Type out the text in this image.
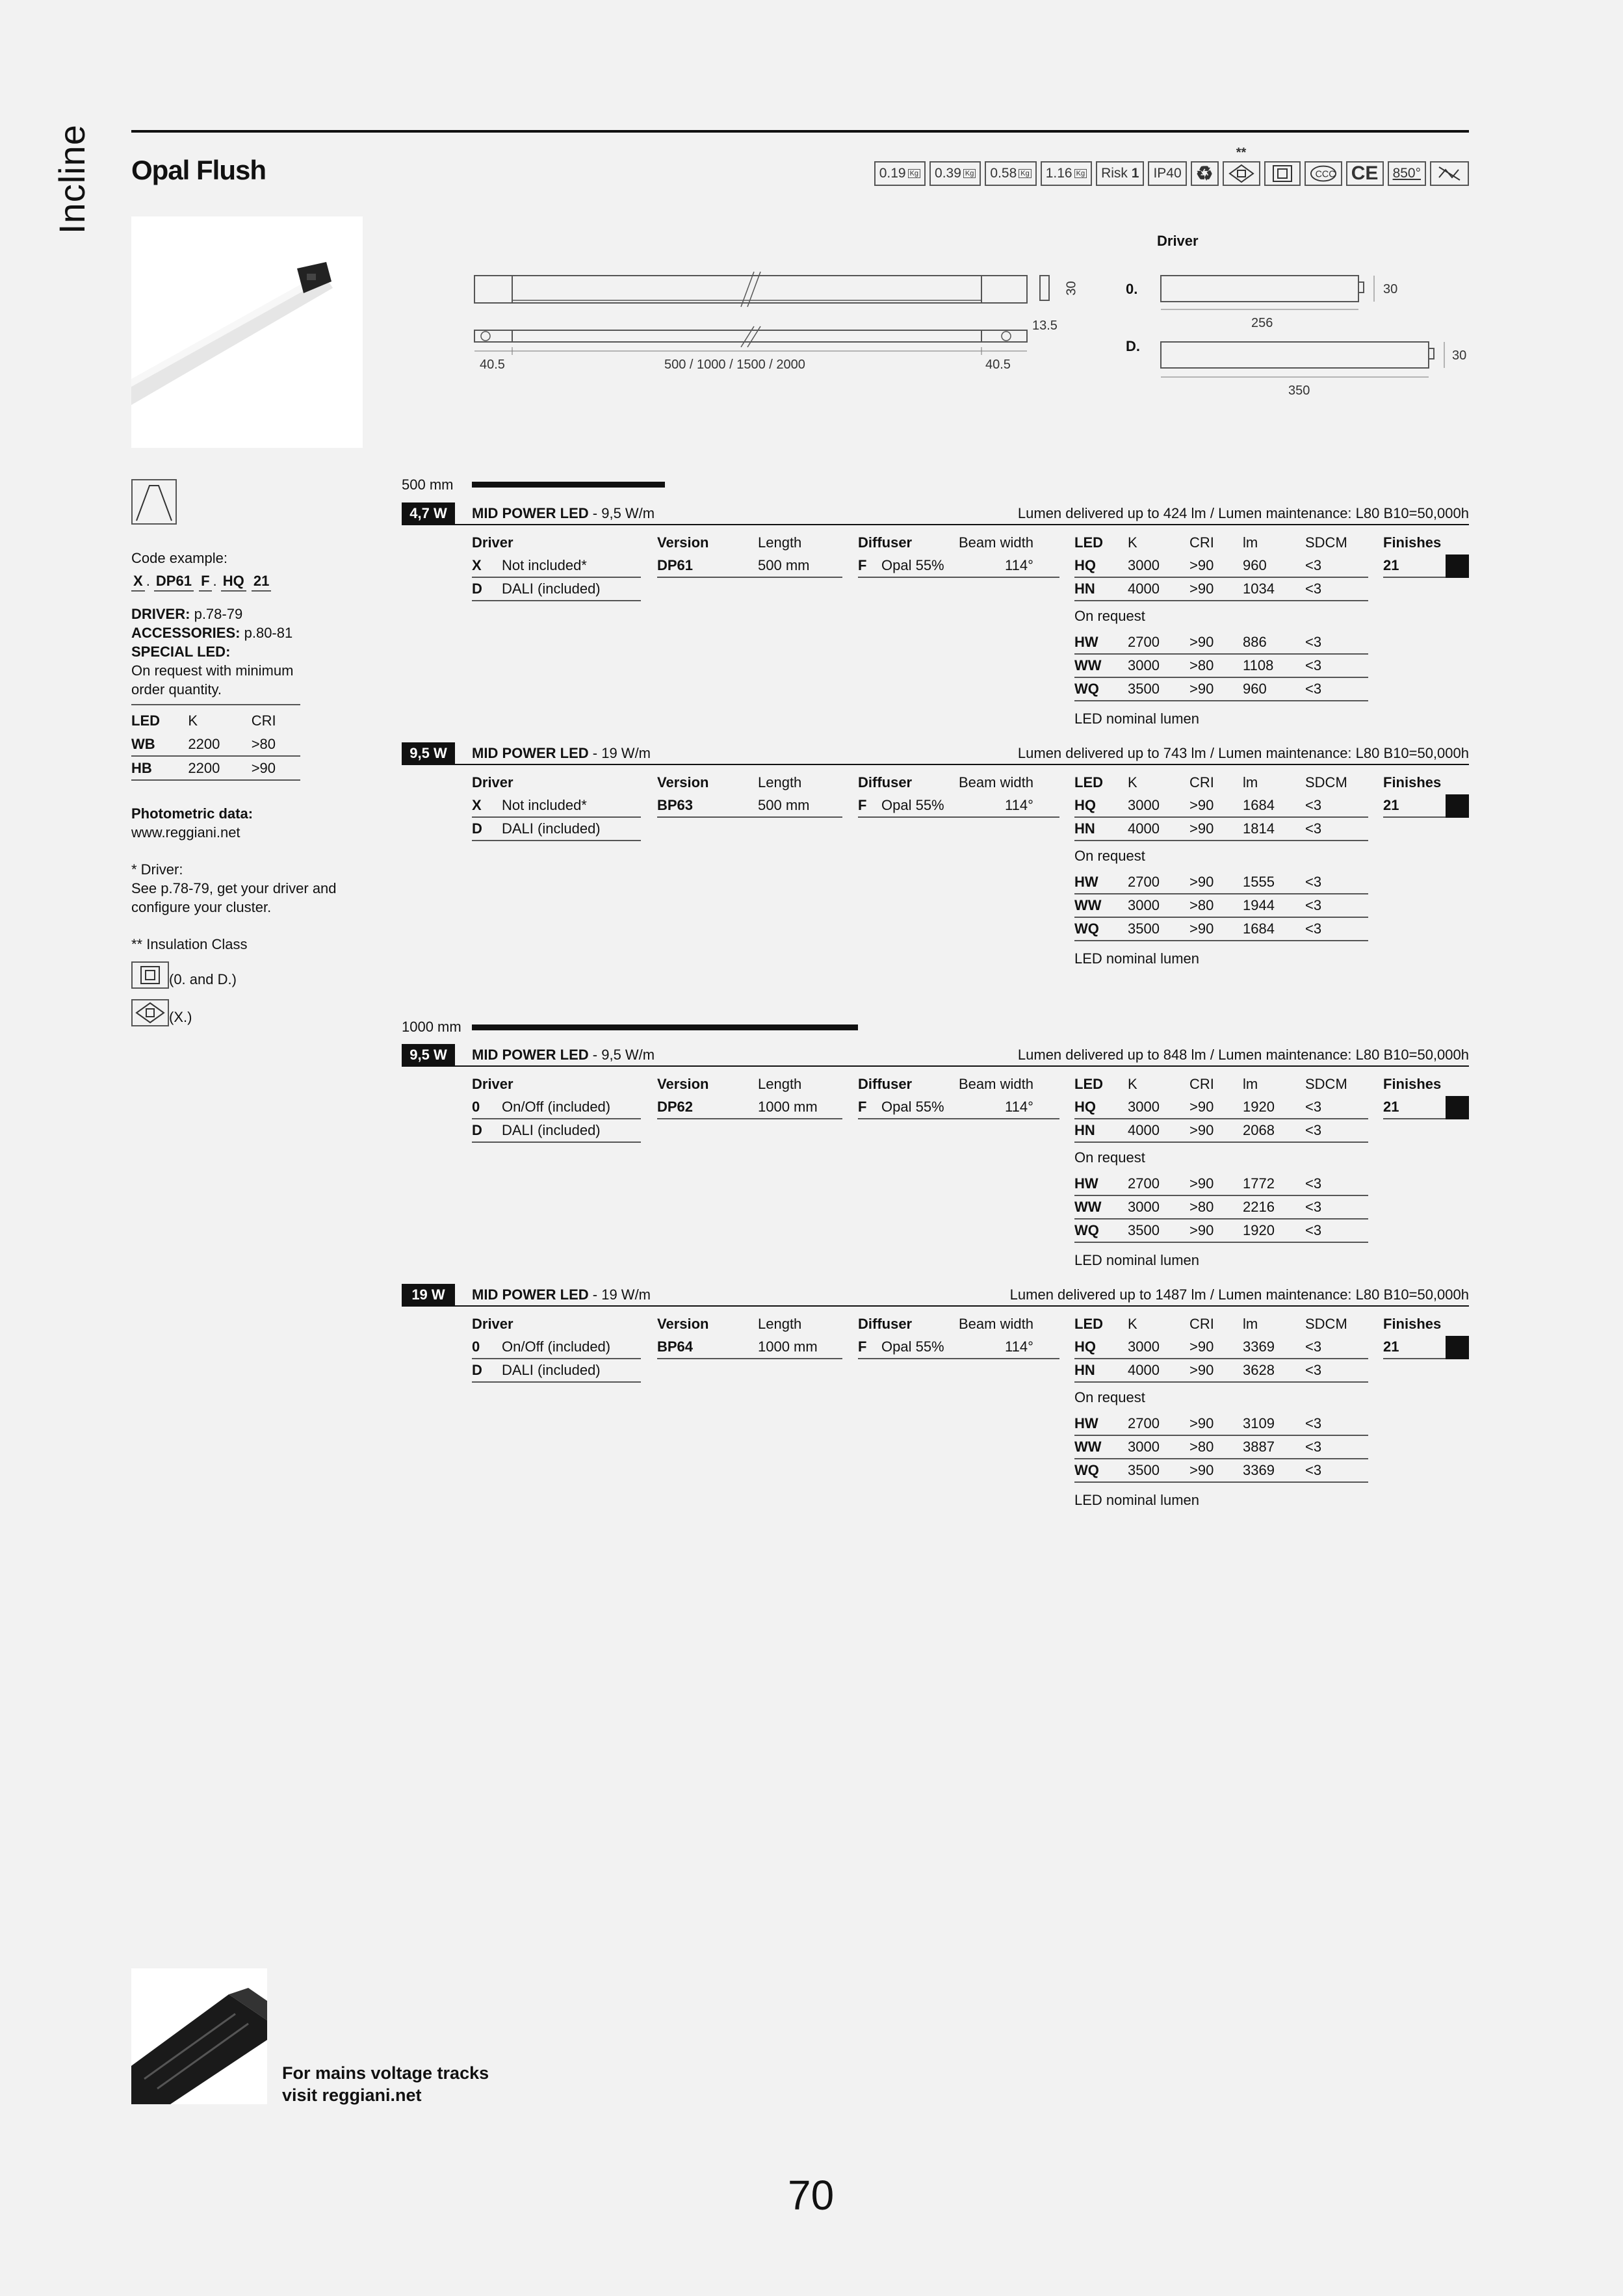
Incline Opal Flush	0.19 Kg 0.39 Kg 0.58 Kg 1.16 Kg Risk
1	IP40 ♻
**
CCC CE	850°
30
13.5
40.5	500 / 1000 / 1500 / 2000	40.5
Driver
0.	30
256
D.
30
350
Code example:
X . DP61 F . HQ 21
DRIVER: p.78-79
ACCESSORIES: p.80-81
SPECIAL LED:
On request with minimum order quantity.
LED	K	CRI
WB	2200	>80
HB	2200	>90
Photometric data:
www.reggiani.net
* Driver:
See p.78-79, get your driver and configure your cluster.
** Insulation Class
(0. and D.)
(X.)
500 mm
1000 mm
4,7 W	MID POWER LED - 9,5 W/m	Lumen delivered up to 424 lm / Lumen maintenance: L80 B10=50,000h
Driver
X	Not included*
D	DALI (included)
Version	Length
DP61	500 mm
Diffuser	Beam width
F	Opal 55%	114°
LED	K	CRI	lm	SDCM
HQ	3000	>90	960	<3
HN	4000	>90	1034	<3
On request
HW	2700	>90	886	<3
WW	3000	>80	1108	<3
WQ	3500	>90	960	<3
LED nominal lumen
Finishes
21
9,5 W	MID POWER LED - 19 W/m	Lumen delivered up to 743 lm / Lumen maintenance: L80 B10=50,000h
Driver
X	Not included*
D	DALI (included)
Version	Length
BP63	500 mm
Diffuser	Beam width
F	Opal 55%	114°
LED	K	CRI	lm	SDCM
HQ	3000	>90	1684	<3
HN	4000	>90	1814	<3
On request
HW	2700	>90	1555	<3
WW	3000	>80	1944	<3
WQ	3500	>90	1684	<3
LED nominal lumen
Finishes
21
9,5 W	MID POWER LED - 9,5 W/m	Lumen delivered up to 848 lm / Lumen maintenance: L80 B10=50,000h
Driver
0	On/Off (included)
D	DALI (included)
Version	Length
DP62	1000 mm
Diffuser	Beam width
F	Opal 55%	114°
LED	K	CRI	lm	SDCM
HQ	3000	>90	1920	<3
HN	4000	>90	2068	<3
On request
HW	2700	>90	1772	<3
WW	3000	>80	2216	<3
WQ	3500	>90	1920	<3
LED nominal lumen
Finishes
21
19 W	MID POWER LED - 19 W/m	Lumen delivered up to 1487 lm / Lumen maintenance: L80 B10=50,000h
Driver
0	On/Off (included)
D	DALI (included)
Version	Length
BP64	1000 mm
Diffuser	Beam width
F	Opal 55%	114°
LED	K	CRI	lm	SDCM
HQ	3000	>90	3369	<3
HN	4000	>90	3628	<3
On request
HW	2700	>90	3109	<3
WW	3000	>80	3887	<3
WQ	3500	>90	3369	<3
LED nominal lumen
Finishes
21
For mains voltage tracks
visit reggiani.net
70
